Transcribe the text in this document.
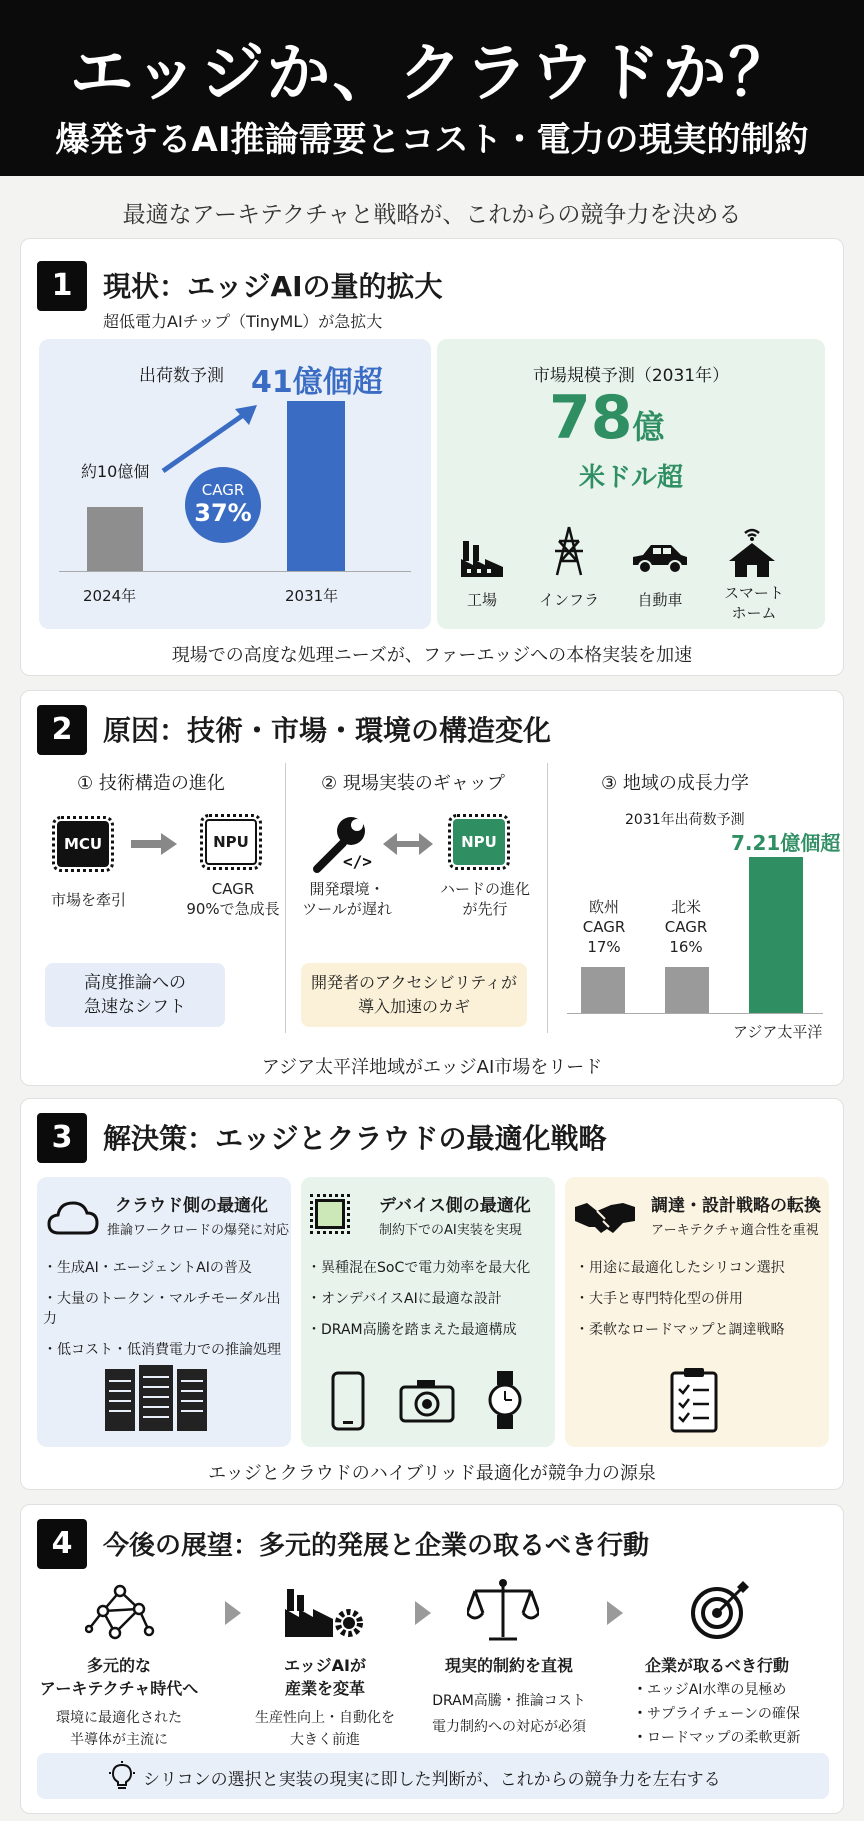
エッジか、クラウドか？
爆発するAI推論需要とコスト・電力の現実的制約
最適なアーキテクチャと戦略が、これからの競争力を決める
1	現状：エッジAIの量的拡大
超低電力AIチップ（TinyML）が急拡大
出荷数予測 41億個超
約10億個
CAGR
37%
2024年	2031年
市場規模予測（2031年）
78億
米ドル超
工場	インフラ	自動車	スマートホーム
現場での高度な処理ニーズが、ファーエッジへの本格実装を加速
2	原因：技術・市場・環境の構造変化
① 技術構造の進化
MCU	NPU
市場を牽引
CAGR
90%で急成長
高度推論への
急速なシフト
② 現場実装のギャップ
</>
NPU
開発環境・
ツールが遅れ
ハードの進化
が先行
開発者のアクセシビリティが
導入加速のカギ
③ 地域の成長力学
2031年出荷数予測
7.21億個超
欧州
CAGR
17%
北米
CAGR
16%
アジア太平洋
アジア太平洋地域がエッジAI市場をリード
3	解決策：エッジとクラウドの最適化戦略
クラウド側の最適化
推論ワークロードの爆発に対応
・ 生成AI・エージェントAIの普及
・ 大量のトークン・マルチモーダル出力
・ 低コスト・低消費電力での推論処理
デバイス側の最適化
制約下でのAI実装を実現
・ 異種混在SoCで電力効率を最大化
・ オンデバイスAIに最適な設計
・ DRAM高騰を踏まえた最適構成
調達・設計戦略の転換
アーキテクチャ適合性を重視
・ 用途に最適化したシリコン選択
・ 大手と専門特化型の併用
・ 柔軟なロードマップと調達戦略
エッジとクラウドのハイブリッド最適化が競争力の源泉
4	今後の展望：多元的発展と企業の取るべき行動
多元的な
アーキテクチャ時代へ
環境に最適化された
半導体が主流に
エッジAIが
産業を変革
生産性向上・自動化を
大きく前進
現実的制約を直視
DRAM高騰・推論コスト
電力制約への対応が必須
企業が取るべき行動
・ エッジAI水準の見極め
・ サプライチェーンの確保
・ ロードマップの柔軟更新
シリコンの選択と実装の現実に即した判断が、これからの競争力を左右する
